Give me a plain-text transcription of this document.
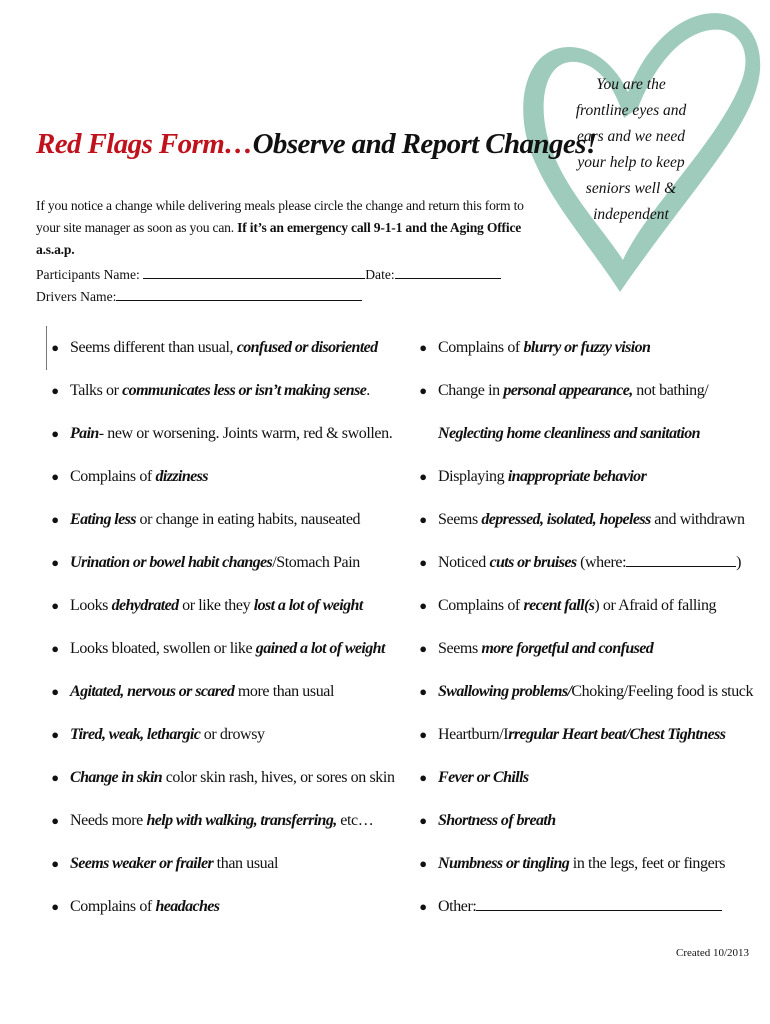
You are the
frontline eyes and
ears and we need
your help to keep
seniors well &
independent
Red Flags Form…Observe and Report Changes!
If you notice a change while delivering meals please circle the change and return this form to your site manager as soon as you can. If it’s an emergency call 9-1-1 and the Aging Office a.s.a.p.
Participants Name:	Date:
Drivers Name:
● Seems different than usual, confused or disoriented
● Talks or communicates less or isn’t making sense.
● Pain- new or worsening. Joints warm, red & swollen.
● Complains of dizziness
● Eating less or change in eating habits, nauseated
● Urination or bowel habit changes/Stomach Pain
● Looks dehydrated or like they lost a lot of weight
● Looks bloated, swollen or like gained a lot of weight
● Agitated, nervous or scared more than usual
● Tired, weak, lethargic or drowsy
● Change in skin color skin rash, hives, or sores on skin
● Needs more help with walking, transferring, etc…
● Seems weaker or frailer than usual
● Complains of headaches
● Complains of blurry or fuzzy vision
● Change in personal appearance, not bathing/
Neglecting home cleanliness and sanitation
● Displaying inappropriate behavior
● Seems depressed, isolated, hopeless and withdrawn
● Noticed cuts or bruises (where:	)
● Complains of recent fall(s) or Afraid of falling
● Seems more forgetful and confused
● Swallowing problems/Choking/Feeling food is stuck
● Heartburn/Irregular Heart beat/Chest Tightness
● Fever or Chills
● Shortness of breath
● Numbness or tingling in the legs, feet or fingers
● Other:
Created 10/2013
